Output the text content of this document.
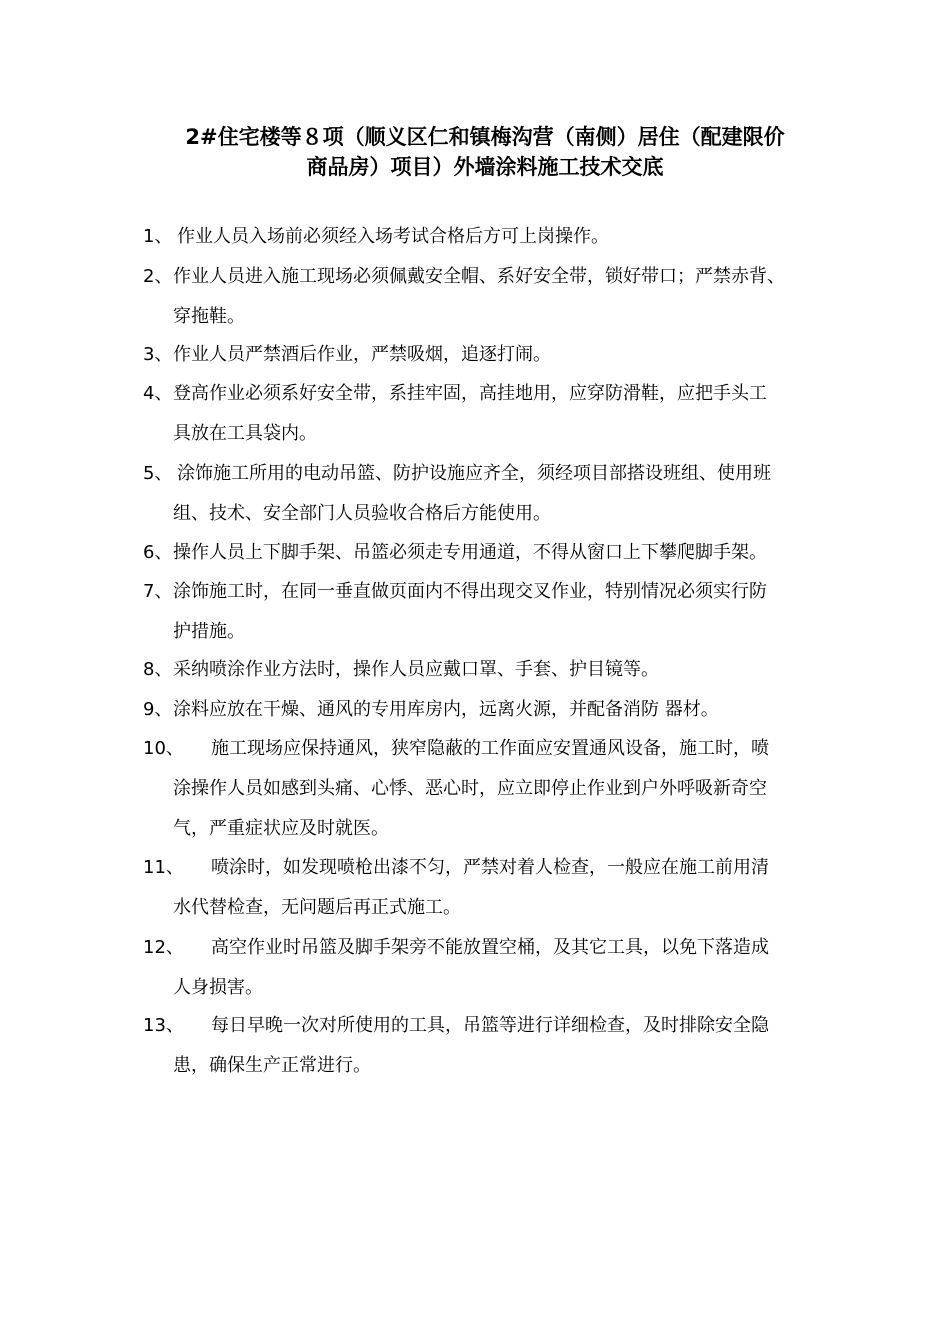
2#住宅楼等８项（顺义区仁和镇梅沟营（南侧）居住（配建限价
商品房）项目）外墙涂料施工技术交底
1、 作业人员入场前必须经入场考试合格后方可上岗操作。
2、作业人员进入施工现场必须佩戴安全帽、系好安全带，锁好带口；严禁赤背、
穿拖鞋。
3、作业人员严禁酒后作业，严禁吸烟，追逐打闹。
4、登高作业必须系好安全带，系挂牢固，高挂地用，应穿防滑鞋，应把手头工
具放在工具袋内。
5、 涂饰施工所用的电动吊篮、防护设施应齐全，须经项目部搭设班组、使用班
组、技术、安全部门人员验收合格后方能使用。
6、操作人员上下脚手架、吊篮必须走专用通道，不得从窗口上下攀爬脚手架。
7、涂饰施工时，在同一垂直做页面内不得出现交叉作业，特别情况必须实行防
护措施。
8、采纳喷涂作业方法时，操作人员应戴口罩、手套、护目镜等。
9、涂料应放在干燥、通风的专用库房内，远离火源，并配备消防 器材。
10、 施工现场应保持通风，狭窄隐蔽的工作面应安置通风设备，施工时，喷
涂操作人员如感到头痛、心悸、恶心时，应立即停止作业到户外呼吸新奇空
气，严重症状应及时就医。
11、 喷涂时，如发现喷枪出漆不匀，严禁对着人检查，一般应在施工前用清
水代替检查，无问题后再正式施工。
12、 高空作业时吊篮及脚手架旁不能放置空桶，及其它工具，以免下落造成
人身损害。
13、 每日早晚一次对所使用的工具，吊篮等进行详细检查，及时排除安全隐
患，确保生产正常进行。
